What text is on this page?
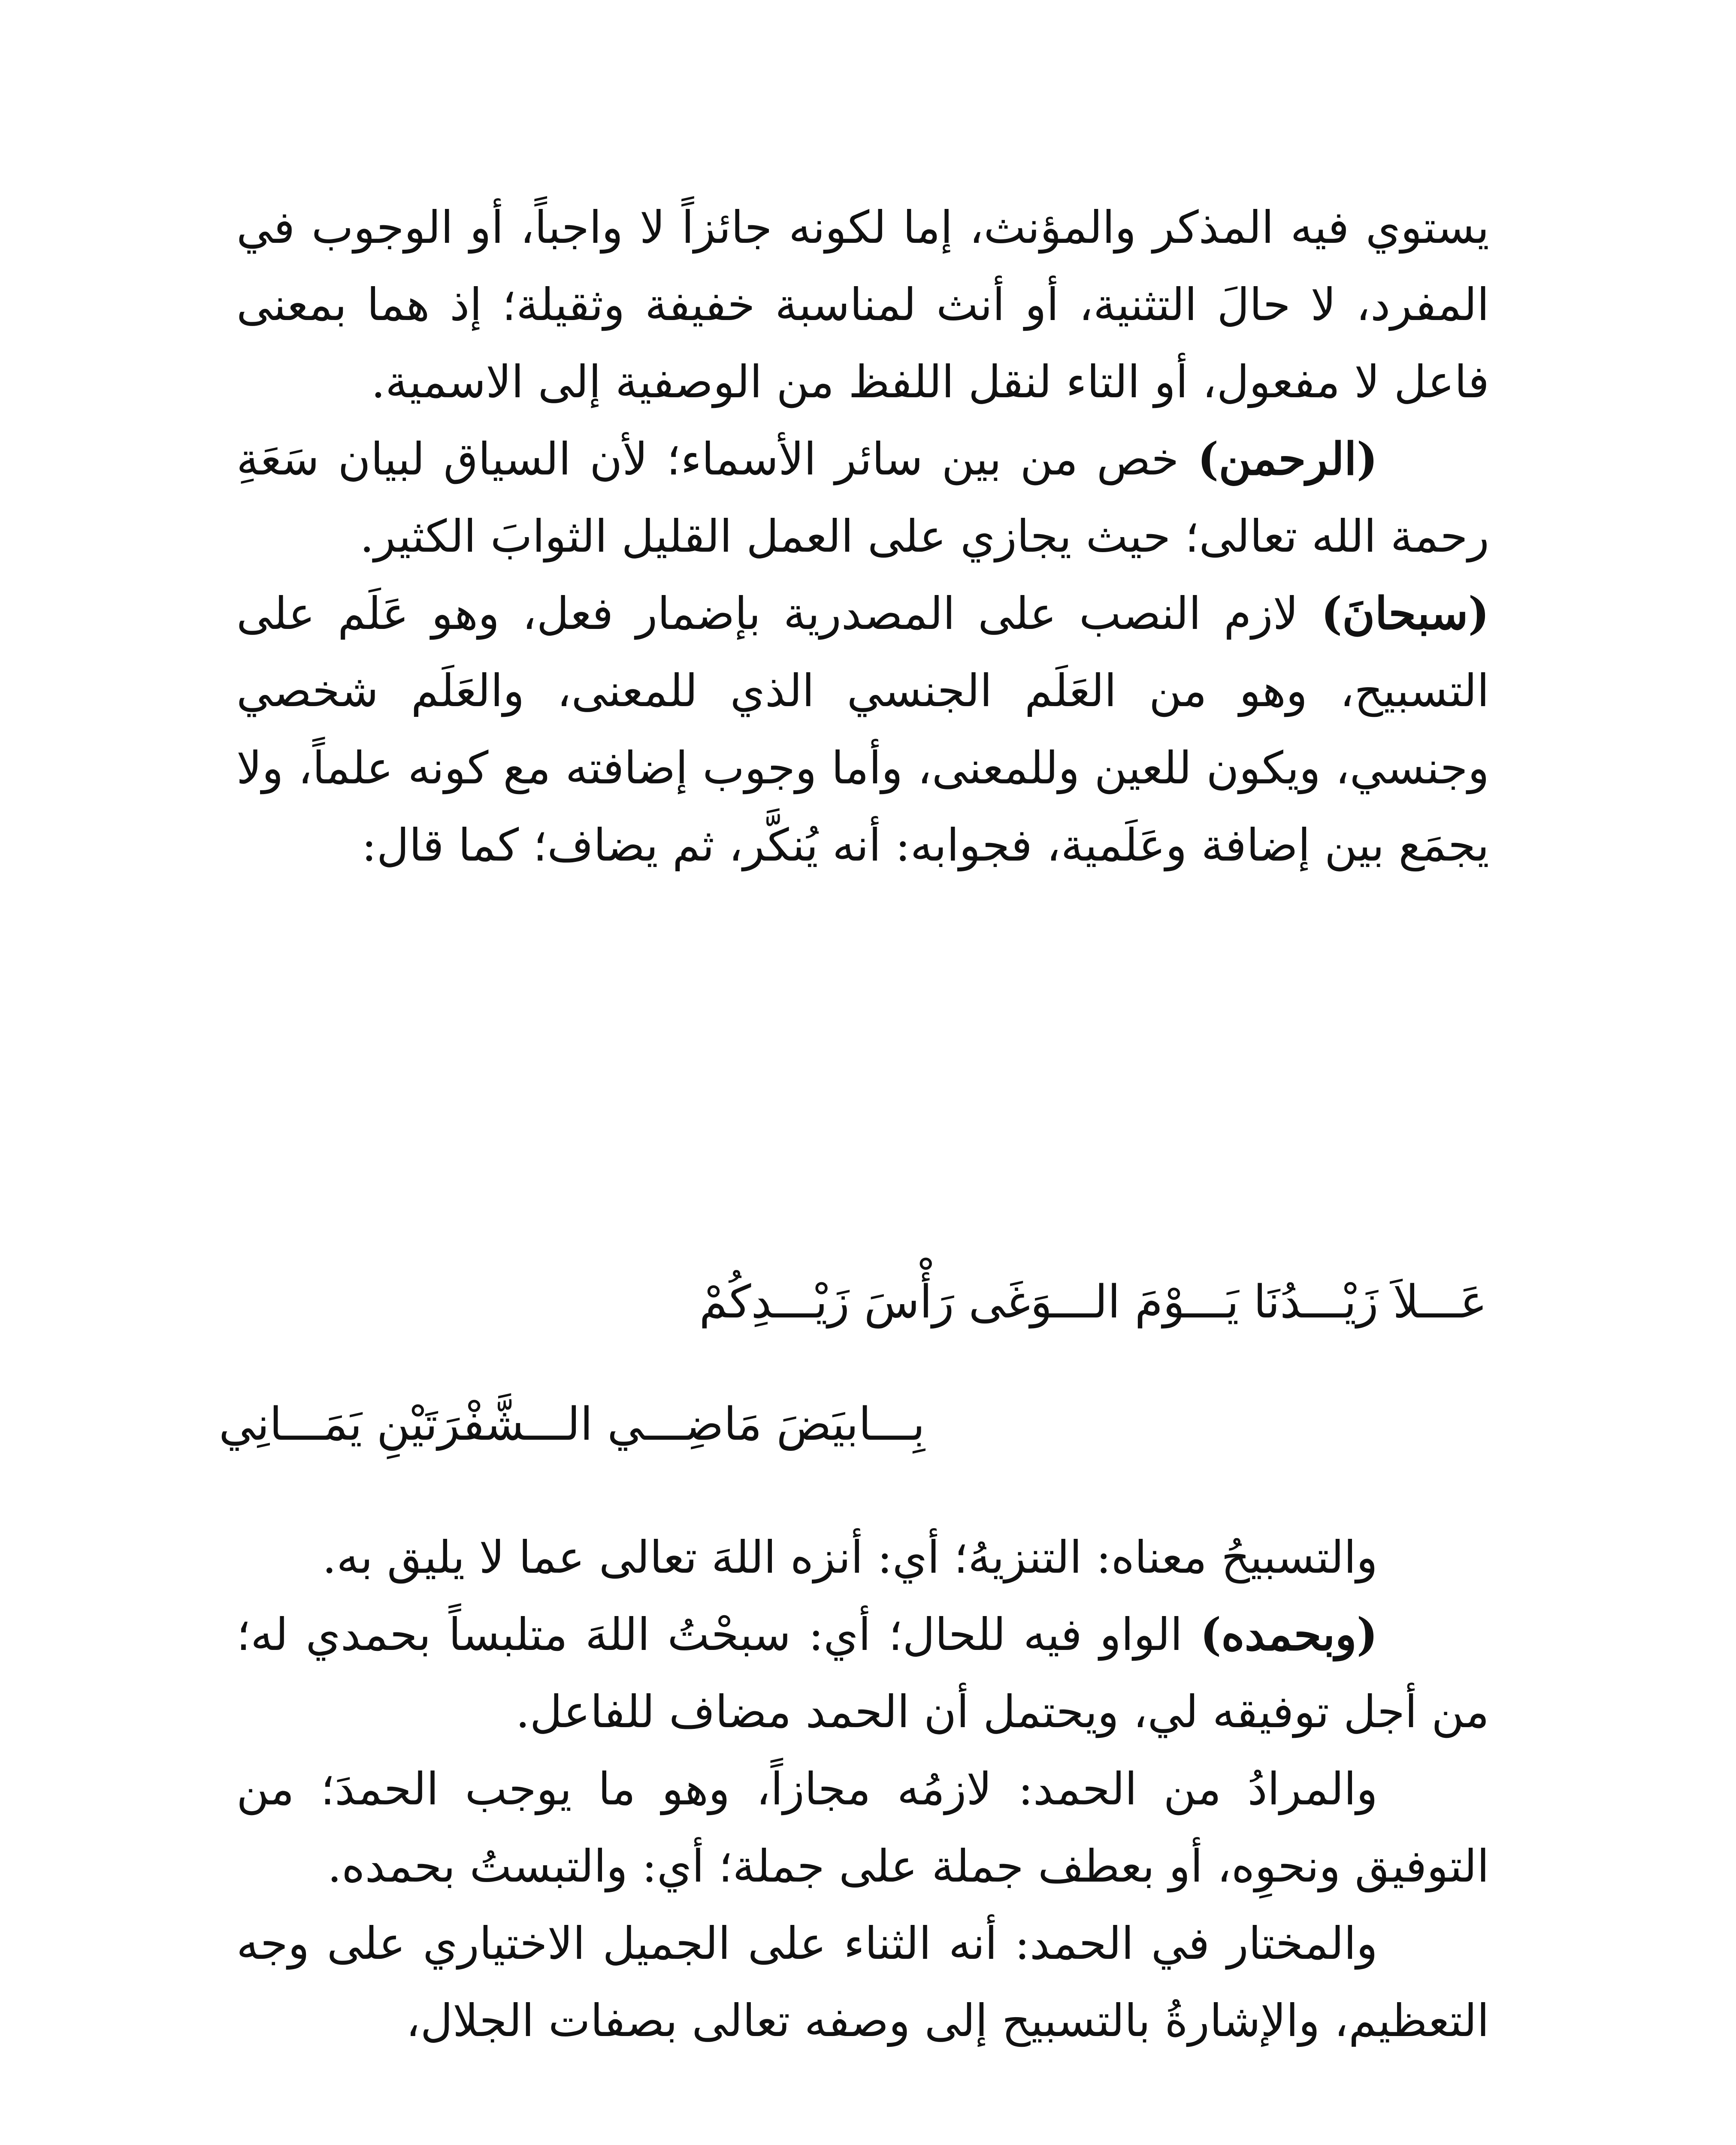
يستوي فيه المذكر والمؤنث، إما لكونه جائزاً لا واجباً، أو الوجوب في المفرد، لا حالَ التثنية، أو أنث لمناسبة خفيفة وثقيلة؛ إذ هما بمعنى فاعل لا مفعول، أو التاء لنقل اللفظ من الوصفية إلى الاسمية.

(الرحمن) خص من بين سائر الأسماء؛ لأن السياق لبيان سَعَةِ رحمة الله تعالى؛ حيث يجازي على العمل القليل الثوابَ الكثير.

(سبحانَ) لازم النصب على المصدرية بإضمار فعل، وهو عَلَم على التسبيح، وهو من العَلَم الجنسي الذي للمعنى، والعَلَم شخصي وجنسي، ويكون للعين وللمعنى، وأما وجوب إضافته مع كونه علماً، ولا يجمَع بين إضافة وعَلَمية، فجوابه: أنه يُنكَّر، ثم يضاف؛ كما قال:

عَـــلاَ زَيْـــدُنَا يَـــوْمَ الـــوَغَى رَأْسَ زَيْـــدِكُمْ
بِـــابيَضَ مَاضِـــي الـــشَّفْرَتَيْنِ يَمَـــانِي

والتسبيحُ معناه: التنزيهُ؛ أي: أنزه اللهَ تعالى عما لا يليق به.

(وبحمده) الواو فيه للحال؛ أي: سبحْتُ اللهَ متلبساً بحمدي له؛ من أجل توفيقه لي، ويحتمل أن الحمد مضاف للفاعل.

والمرادُ من الحمد: لازمُه مجازاً، وهو ما يوجب الحمدَ؛ من التوفيق ونحوِه، أو بعطف جملة على جملة؛ أي: والتبستُ بحمده.

والمختار في الحمد: أنه الثناء على الجميل الاختياري على وجه التعظيم، والإشارةُ بالتسبيح إلى وصفه تعالى بصفات الجلال،
